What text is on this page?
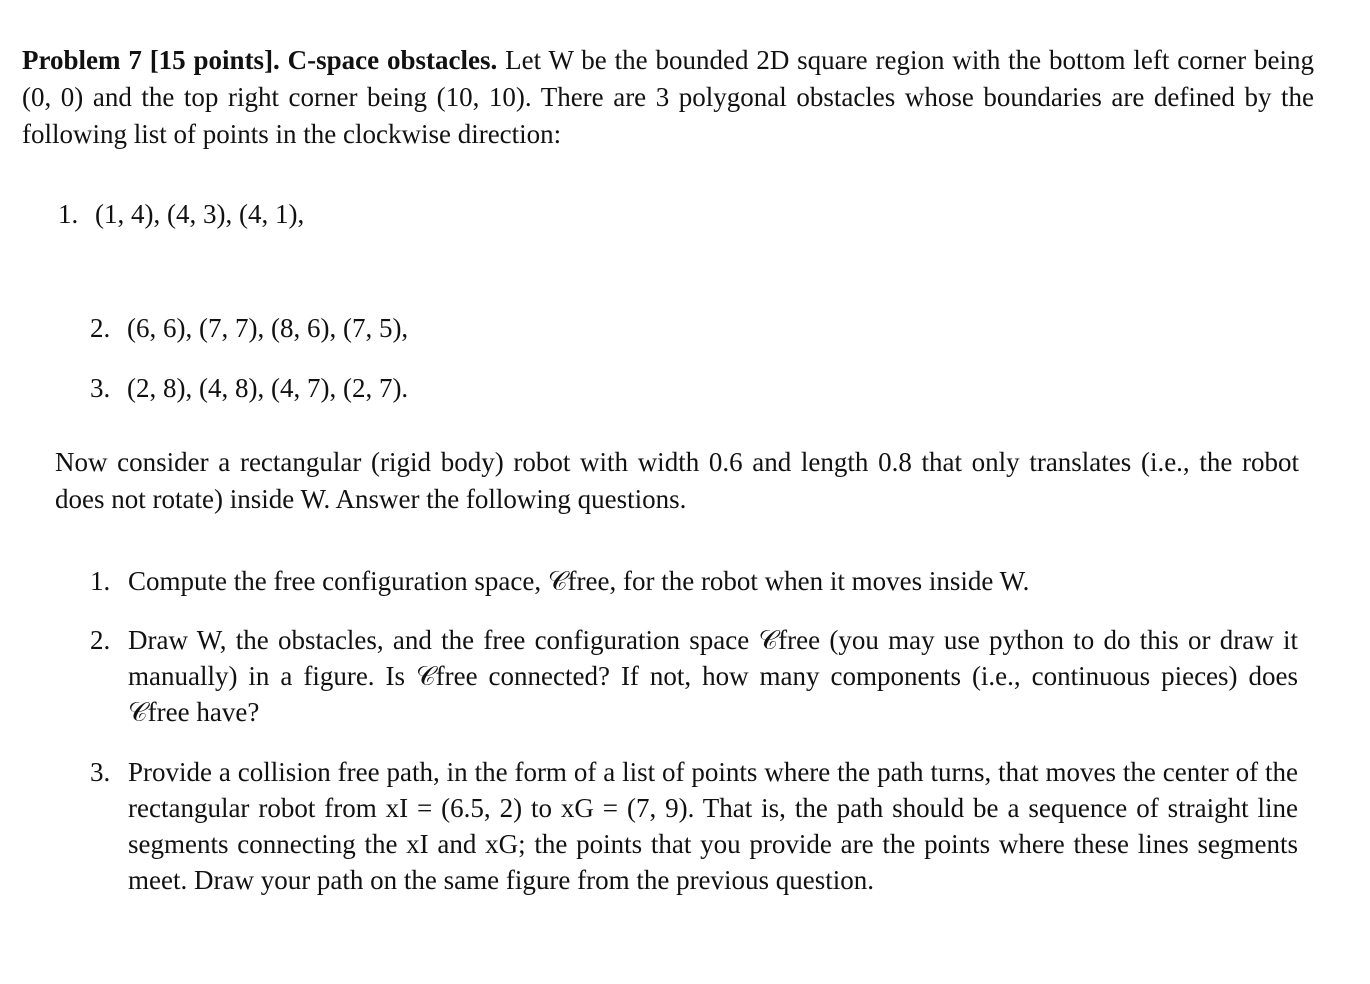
Problem 7 [15 points]. C-space obstacles. Let W be the bounded 2D square region with the bottom left corner being (0, 0) and the top right corner being (10, 10). There are 3 polygonal obstacles whose boundaries are defined by the following list of points in the clockwise direction:
1. (1, 4), (4, 3), (4, 1),
2. (6, 6), (7, 7), (8, 6), (7, 5),
3. (2, 8), (4, 8), (4, 7), (2, 7).
Now consider a rectangular (rigid body) robot with width 0.6 and length 0.8 that only translates (i.e., the robot does not rotate) inside W. Answer the following questions.
1. Compute the free configuration space, 𝒞free, for the robot when it moves inside W.
2. Draw W, the obstacles, and the free configuration space 𝒞free (you may use python to do this or draw it manually) in a figure. Is 𝒞free connected? If not, how many components (i.e., continuous pieces) does 𝒞free have?
3. Provide a collision free path, in the form of a list of points where the path turns, that moves the center of the rectangular robot from xI = (6.5, 2) to xG = (7, 9). That is, the path should be a sequence of straight line segments connecting the xI and xG; the points that you provide are the points where these lines segments meet. Draw your path on the same figure from the previous question.
